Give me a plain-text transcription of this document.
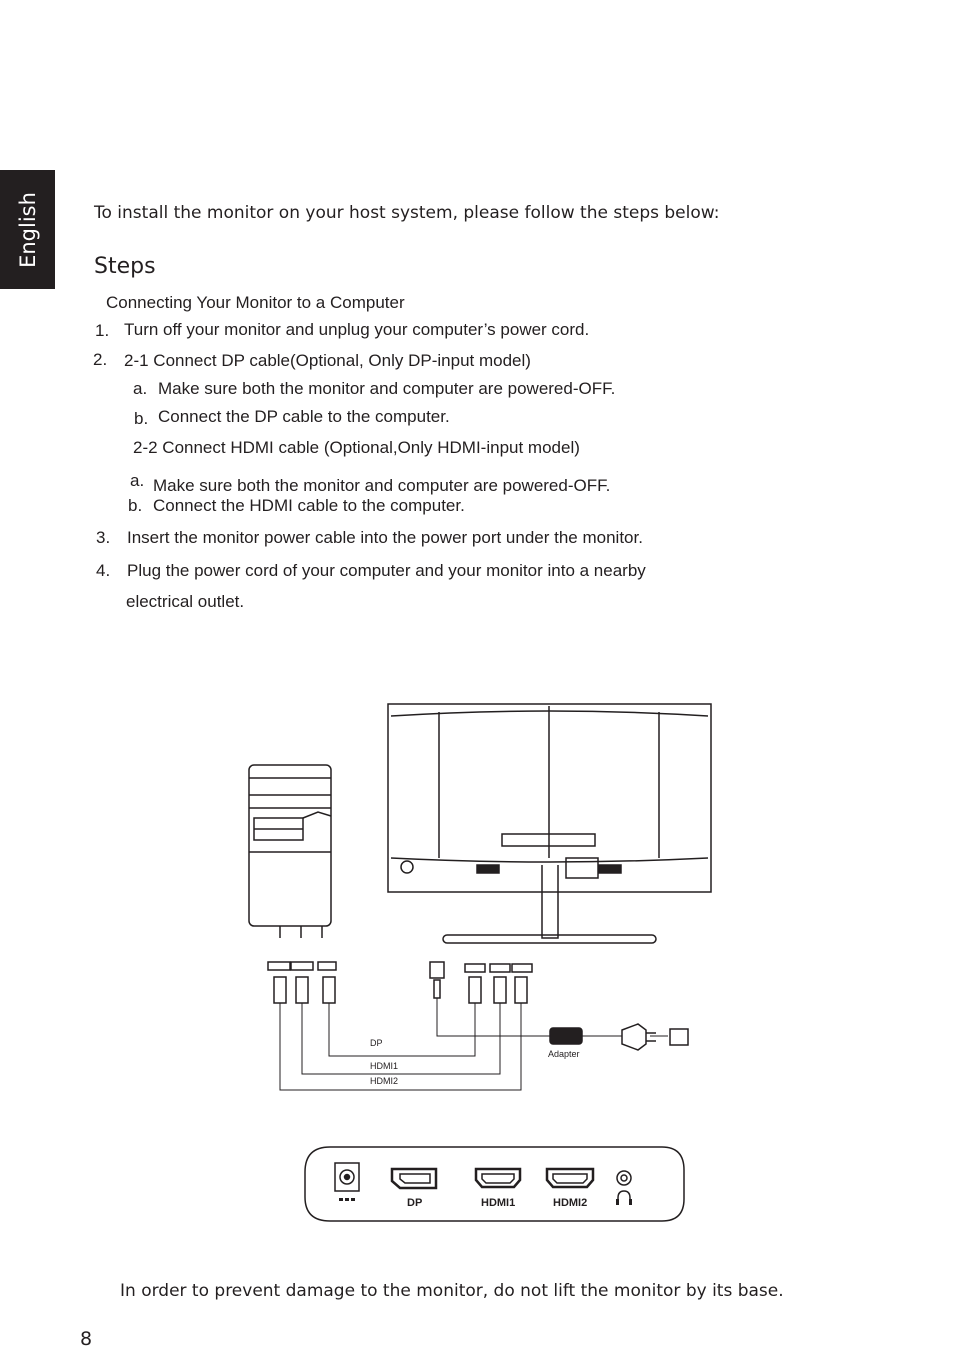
English	To install the monitor on your host system, please follow the steps below:
Steps
Connecting Your Monitor to a Computer
1. Turn off your monitor and unplug your computer’s power cord.
2. 2-1 Connect DP cable(Optional, Only DP-input model)
a. Make sure both the monitor and computer are powered-OFF.
b. Connect the DP cable to the computer.
2-2 Connect HDMI cable (Optional,Only HDMI-input model)
a. Make sure both the monitor and computer are powered-OFF.
b. Connect the HDMI cable to the computer.
3. Insert the monitor power cable into the power port under the monitor.
4. Plug the power cord of your computer and your monitor into a nearby
electrical outlet.
DP
HDMI1
HDMI2
Adapter
DP	HDMI1	HDMI2
In order to prevent damage to the monitor, do not lift the monitor by its base.
8
